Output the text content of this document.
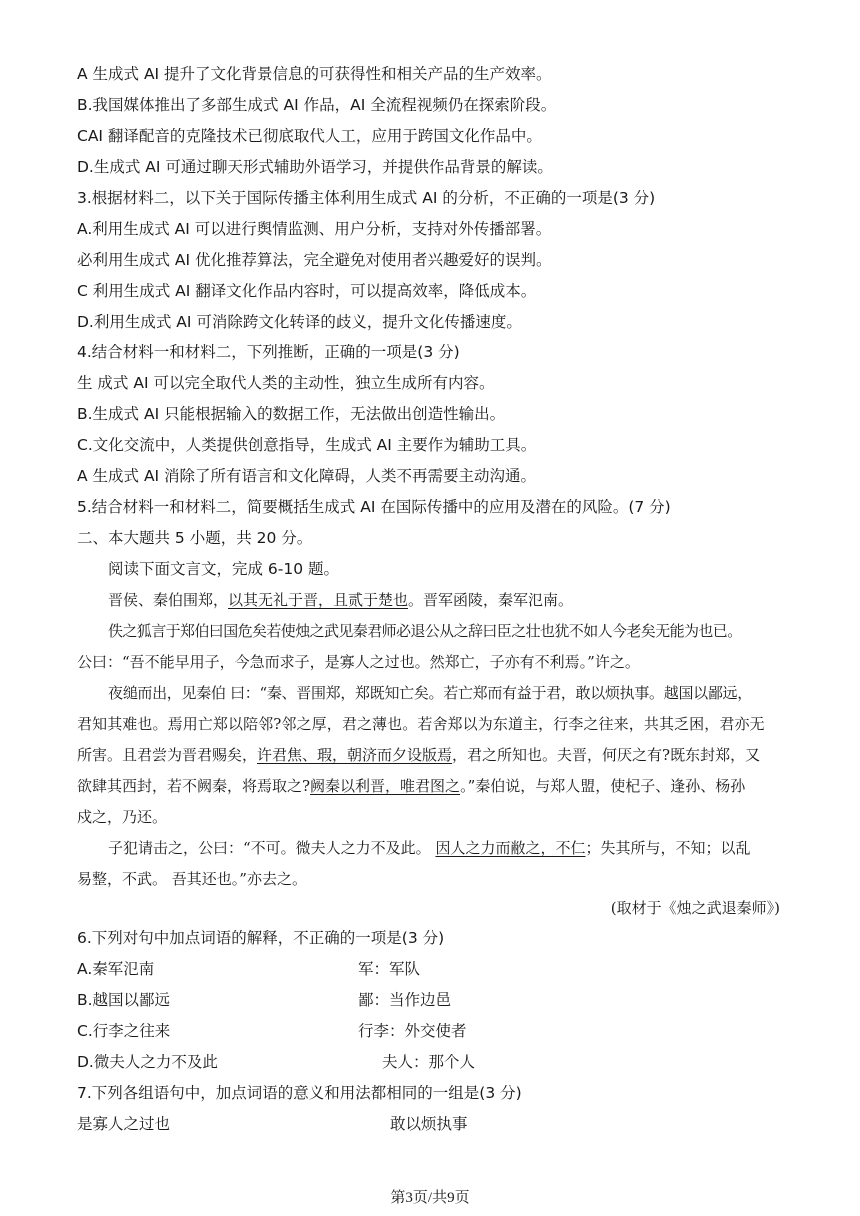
A 生成式 AI 提升了文化背景信息的可获得性和相关产品的生产效率。
B.我国媒体推出了多部生成式 AI 作品，AI 全流程视频仍在探索阶段。
CAI 翻译配音的克隆技术已彻底取代人工，应用于跨国文化作品中。
D.生成式 AI 可通过聊天形式辅助外语学习，并提供作品背景的解读。
3.根据材料二，以下关于国际传播主体利用生成式 AI 的分析，不正确的一项是(3 分)
A.利用生成式 AI 可以进行舆情监测、用户分析，支持对外传播部署。
必利用生成式 AI 优化推荐算法，完全避免对使用者兴趣爱好的误判。
C 利用生成式 AI 翻译文化作品内容时，可以提高效率，降低成本。
D.利用生成式 AI 可消除跨文化转译的歧义，提升文化传播速度。
4.结合材料一和材料二，下列推断，正确的一项是(3 分)
生 成式 AI 可以完全取代人类的主动性，独立生成所有内容。
B.生成式 AI 只能根据输入的数据工作，无法做出创造性输出。
C.文化交流中，人类提供创意指导，生成式 AI 主要作为辅助工具。
A 生成式 AI 消除了所有语言和文化障碍，人类不再需要主动沟通。
5.结合材料一和材料二，简要概括生成式 AI 在国际传播中的应用及潜在的风险。(7 分)
二、本大题共 5 小题，共 20 分。
阅读下面文言文，完成 6-10 题。
晋侯、秦伯围郑，以其无礼于晋，且贰于楚也。晋军函陵，秦军氾南。
佚之狐言于郑伯曰国危矣若使烛之武见秦君师必退公从之辞曰臣之壮也犹不如人今老矣无能为也已。
公曰：“吾不能早用子，今急而求子，是寡人之过也。然郑亡，子亦有不利焉。”许之。
夜缒而出，见秦伯 曰：“秦、晋围郑，郑既知亡矣。若亡郑而有益于君，敢以烦执事。越国以鄙远，
君知其难也。焉用亡郑以陪邻?邻之厚，君之薄也。若舍郑以为东道主，行李之往来，共其乏困，君亦无
所害。且君尝为晋君赐矣，许君焦、瑕，朝济而夕设版焉，君之所知也。夫晋，何厌之有?既东封郑，又
欲肆其西封，若不阙秦，将焉取之?阙秦以利晋，唯君图之。”秦伯说，与郑人盟，使杞子、逢孙、杨孙
戍之，乃还。
子犯请击之，公曰：“不可。微夫人之力不及此。 因人之力而敝之，不仁；失其所与，不知；以乱
易整，不武。 吾其还也。”亦去之。
(取材于《烛之武退秦师》)
6.下列对句中加点词语的解释，不正确的一项是(3 分)
A.秦军氾南	军：军队
B.越国以鄙远	鄙：当作边邑
C.行李之往来	行李：外交使者
D.微夫人之力不及此	夫人：那个人
7.下列各组语句中，加点词语的意义和用法都相同的一组是(3 分)
是寡人之过也	敢以烦执事
第3页/共9页
